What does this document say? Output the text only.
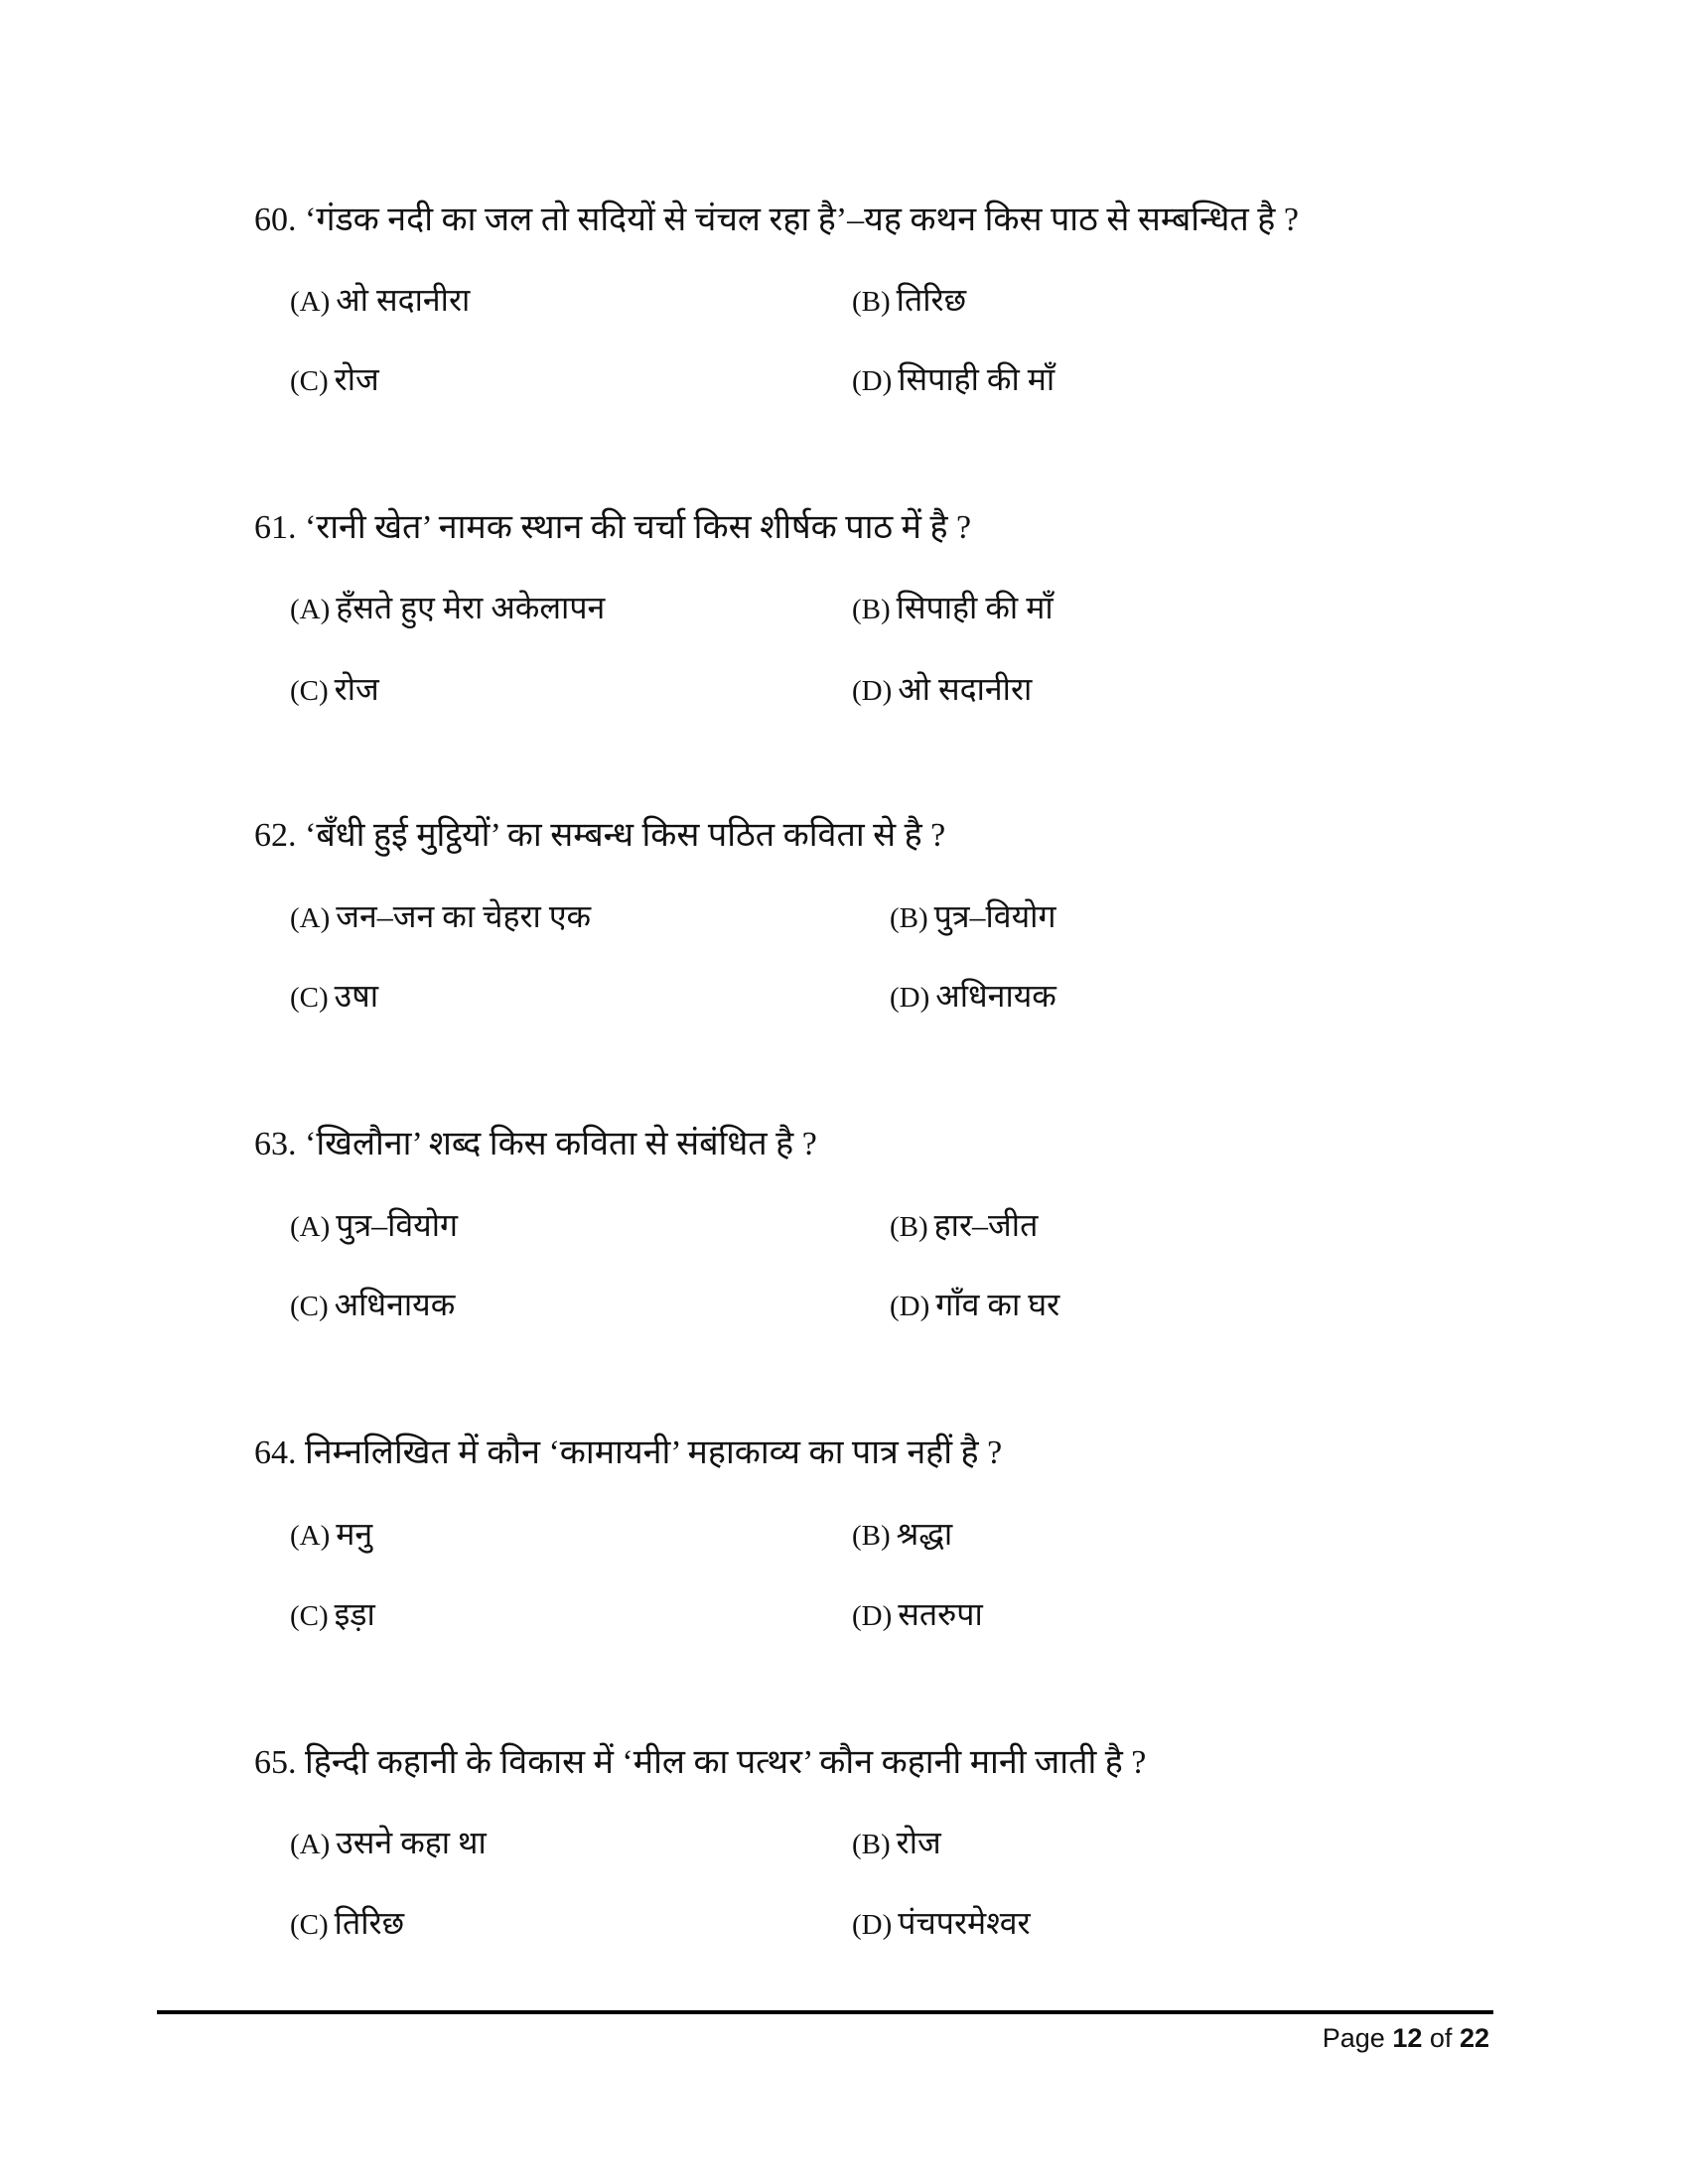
60. ‘गंडक नदी का जल तो सदियों से चंचल रहा है’–यह कथन किस पाठ से सम्बन्धित है ?
(A) ओ सदानीरा	(B) तिरिछ
(C) रोज	(D) सिपाही की माँ
61. ‘रानी खेत’ नामक स्थान की चर्चा किस शीर्षक पाठ में है ?
(A) हँसते हुए मेरा अकेलापन	(B) सिपाही की माँ
(C) रोज	(D) ओ सदानीरा
62. ‘बँधी हुई मुट्ठियों’ का सम्बन्ध किस पठित कविता से है ?
(A) जन–जन का चेहरा एक	(B) पुत्र–वियोग
(C) उषा	(D) अधिनायक
63. ‘खिलौना’ शब्द किस कविता से संबंधित है ?
(A) पुत्र–वियोग	(B) हार–जीत
(C) अधिनायक	(D) गाँव का घर
64. निम्नलिखित में कौन ‘कामायनी’ महाकाव्य का पात्र नहीं है ?
(A) मनु	(B) श्रद्धा
(C) इड़ा	(D) सतरुपा
65. हिन्दी कहानी के विकास में ‘मील का पत्थर’ कौन कहानी मानी जाती है ?
(A) उसने कहा था	(B) रोज
(C) तिरिछ	(D) पंचपरमेश्वर
Page 12 of 22
